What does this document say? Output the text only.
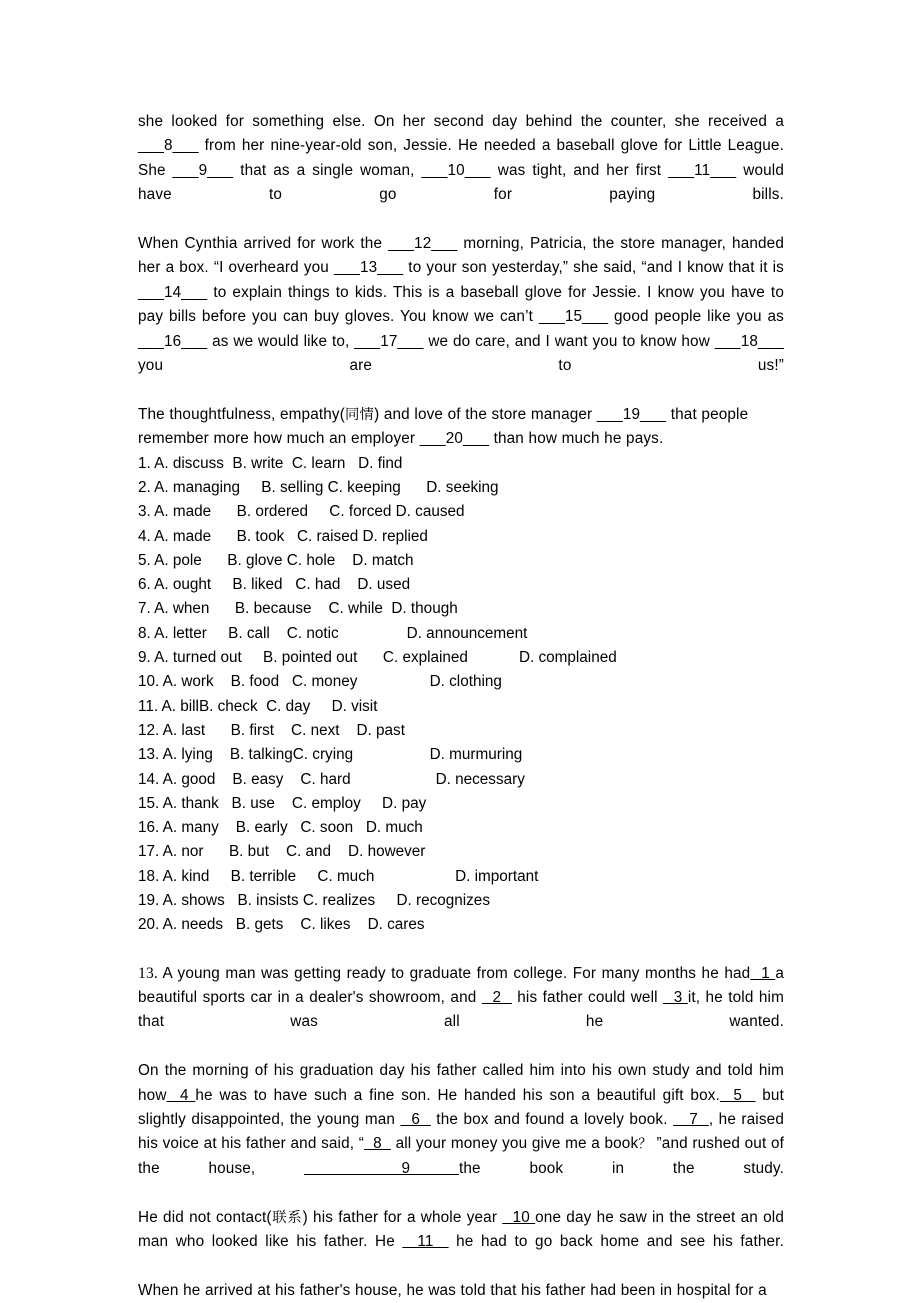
she looked for something else. On her second day behind the counter, she received a ___8___ from her nine-year-old son, Jessie. He needed a baseball glove for Little League. She ___9___ that as a single woman, ___10___ was tight, and her first ___11___ would have to go for paying bills.

When Cynthia arrived for work the ___12___ morning, Patricia, the store manager, handed her a box. “I overheard you ___13___ to your son yesterday,” she said, “and I know that it is ___14___ to explain things to kids. This is a baseball glove for Jessie. I know you have to pay bills before you can buy gloves. You know we can’t ___15___ good people like you as ___16___ as we would like to, ___17___ we do care, and I want you to know how ___18___ you are to us!”

The thoughtfulness, empathy(同情) and love of the store manager ___19___ that people remember more how much an employer ___20___ than how much he pays.

1. A. discuss  B. write  C. learn   D. find
2. A. managing     B. selling C. keeping      D. seeking
3. A. made      B. ordered     C. forced D. caused
4. A. made      B. took   C. raised D. replied
5. A. pole      B. glove C. hole    D. match
6. A. ought     B. liked   C. had    D. used
7. A. when      B. because    C. while  D. though
8. A. letter     B. call    C. notic                D. announcement
9. A. turned out     B. pointed out      C. explained            D. complained
10. A. work    B. food   C. money                 D. clothing
11. A. billB. check  C. day     D. visit
12. A. last      B. first    C. next    D. past
13. A. lying    B. talkingC. crying                  D. murmuring
14. A. good    B. easy    C. hard                    D. necessary
15. A. thank   B. use    C. employ     D. pay
16. A. many    B. early   C. soon   D. much
17. A. nor      B. but    C. and    D. however
18. A. kind     B. terrible     C. much                   D. important
19. A. shows   B. insists C. realizes     D. recognizes
20. A. needs   B. gets    C. likes    D. cares

13. A young man was getting ready to graduate from college. For many months he had  1 a beautiful sports car in a dealer's showroom, and   2   his father could well   3 it, he told him that was all he wanted.

On the morning of his graduation day his father called him into his own study and told him how  4 he was to have such a fine son. He handed his son a beautiful gift box.  5   but slightly disappointed, the young man   6   the box and found a lovely book.    7  , he raised his voice at his father and said, “  8   all your money you give me a book？ ”and rushed out of the house,   9 the book in the study.

He did not contact(联系) his father for a whole year   10 one day he saw in the street an old man who looked like his father. He   11   he had to go back home and see his father.

When he arrived at his father's house, he was told that his father had been in hospital for a
